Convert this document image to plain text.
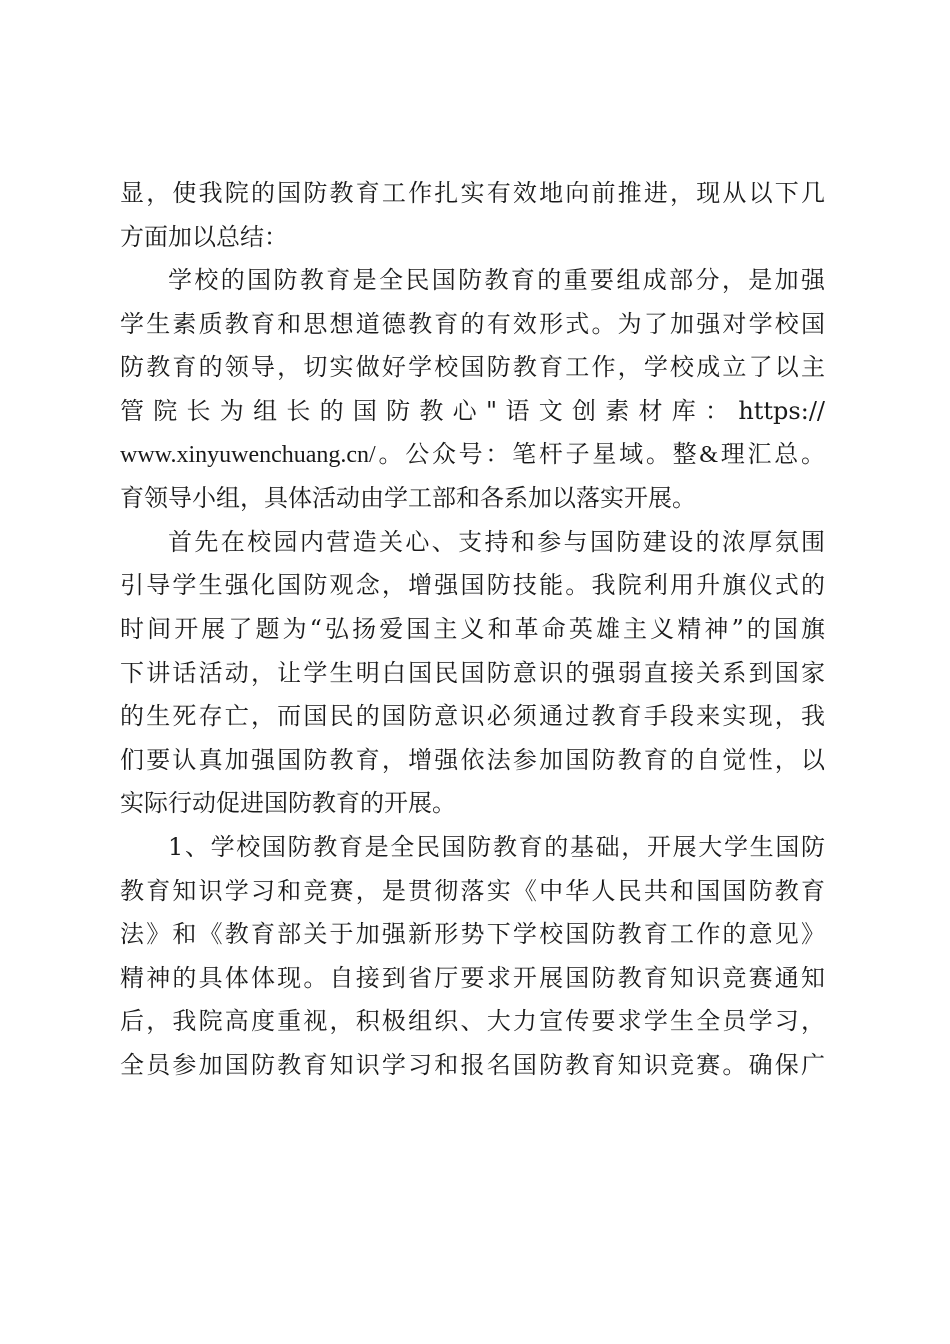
显，使我院的国防教育工作扎实有效地向前推进，现从以下几
方面加以总结：
学校的国防教育是全民国防教育的重要组成部分，是加强
学生素质教育和思想道德教育的有效形式。为了加强对学校国
防教育的领导，切实做好学校国防教育工作，学校成立了以主
管 院 长 为 组 长 的 国 防 教 心 " 语 文 创 素 材 库 ： https://
www.xinyuwenchuang.cn/。公众号：笔杆子星域。整&理汇总。
育领导小组，具体活动由学工部和各系加以落实开展。
首先在校园内营造关心、支持和参与国防建设的浓厚氛围
引导学生强化国防观念，增强国防技能。我院利用升旗仪式的
时间开展了题为“弘扬爱国主义和革命英雄主义精神”的国旗
下讲话活动，让学生明白国民国防意识的强弱直接关系到国家
的生死存亡，而国民的国防意识必须通过教育手段来实现，我
们要认真加强国防教育，增强依法参加国防教育的自觉性，以
实际行动促进国防教育的开展。
1、学校国防教育是全民国防教育的基础，开展大学生国防
教育知识学习和竞赛，是贯彻落实《中华人民共和国国防教育
法》和《教育部关于加强新形势下学校国防教育工作的意见》
精神的具体体现。自接到省厅要求开展国防教育知识竞赛通知
后，我院高度重视，积极组织、大力宣传要求学生全员学习，
全员参加国防教育知识学习和报名国防教育知识竞赛。确保广
